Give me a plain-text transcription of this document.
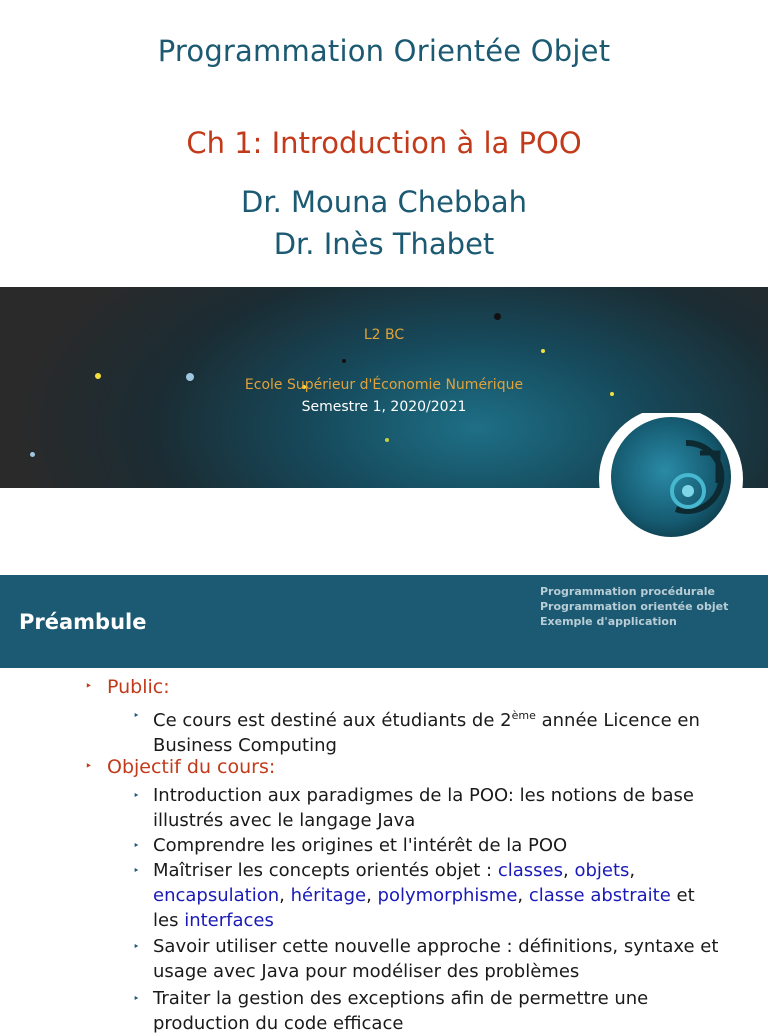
Programmation Orientée Objet
Ch 1: Introduction à la POO
Dr. Mouna Chebbah
Dr. Inès Thabet
L2 BC
Ecole Supérieur d'Économie Numérique
Semestre 1, 2020/2021
Préambule
Programmation procédurale
Programmation orientée objet
Exemple d'application
‣ Public:
‣ Ce cours est destiné aux étudiants de 2ème année Licence en Business Computing
‣ Objectif du cours:
‣ Introduction aux paradigmes de la POO: les notions de base illustrés avec le langage Java
‣ Comprendre les origines et l'intérêt de la POO
‣ Maîtriser les concepts orientés objet : classes, objets, encapsulation, héritage, polymorphisme, classe abstraite et les interfaces
‣ Savoir utiliser cette nouvelle approche : définitions, syntaxe et usage avec Java pour modéliser des problèmes
‣ Traiter la gestion des exceptions afin de permettre une production du code efficace
